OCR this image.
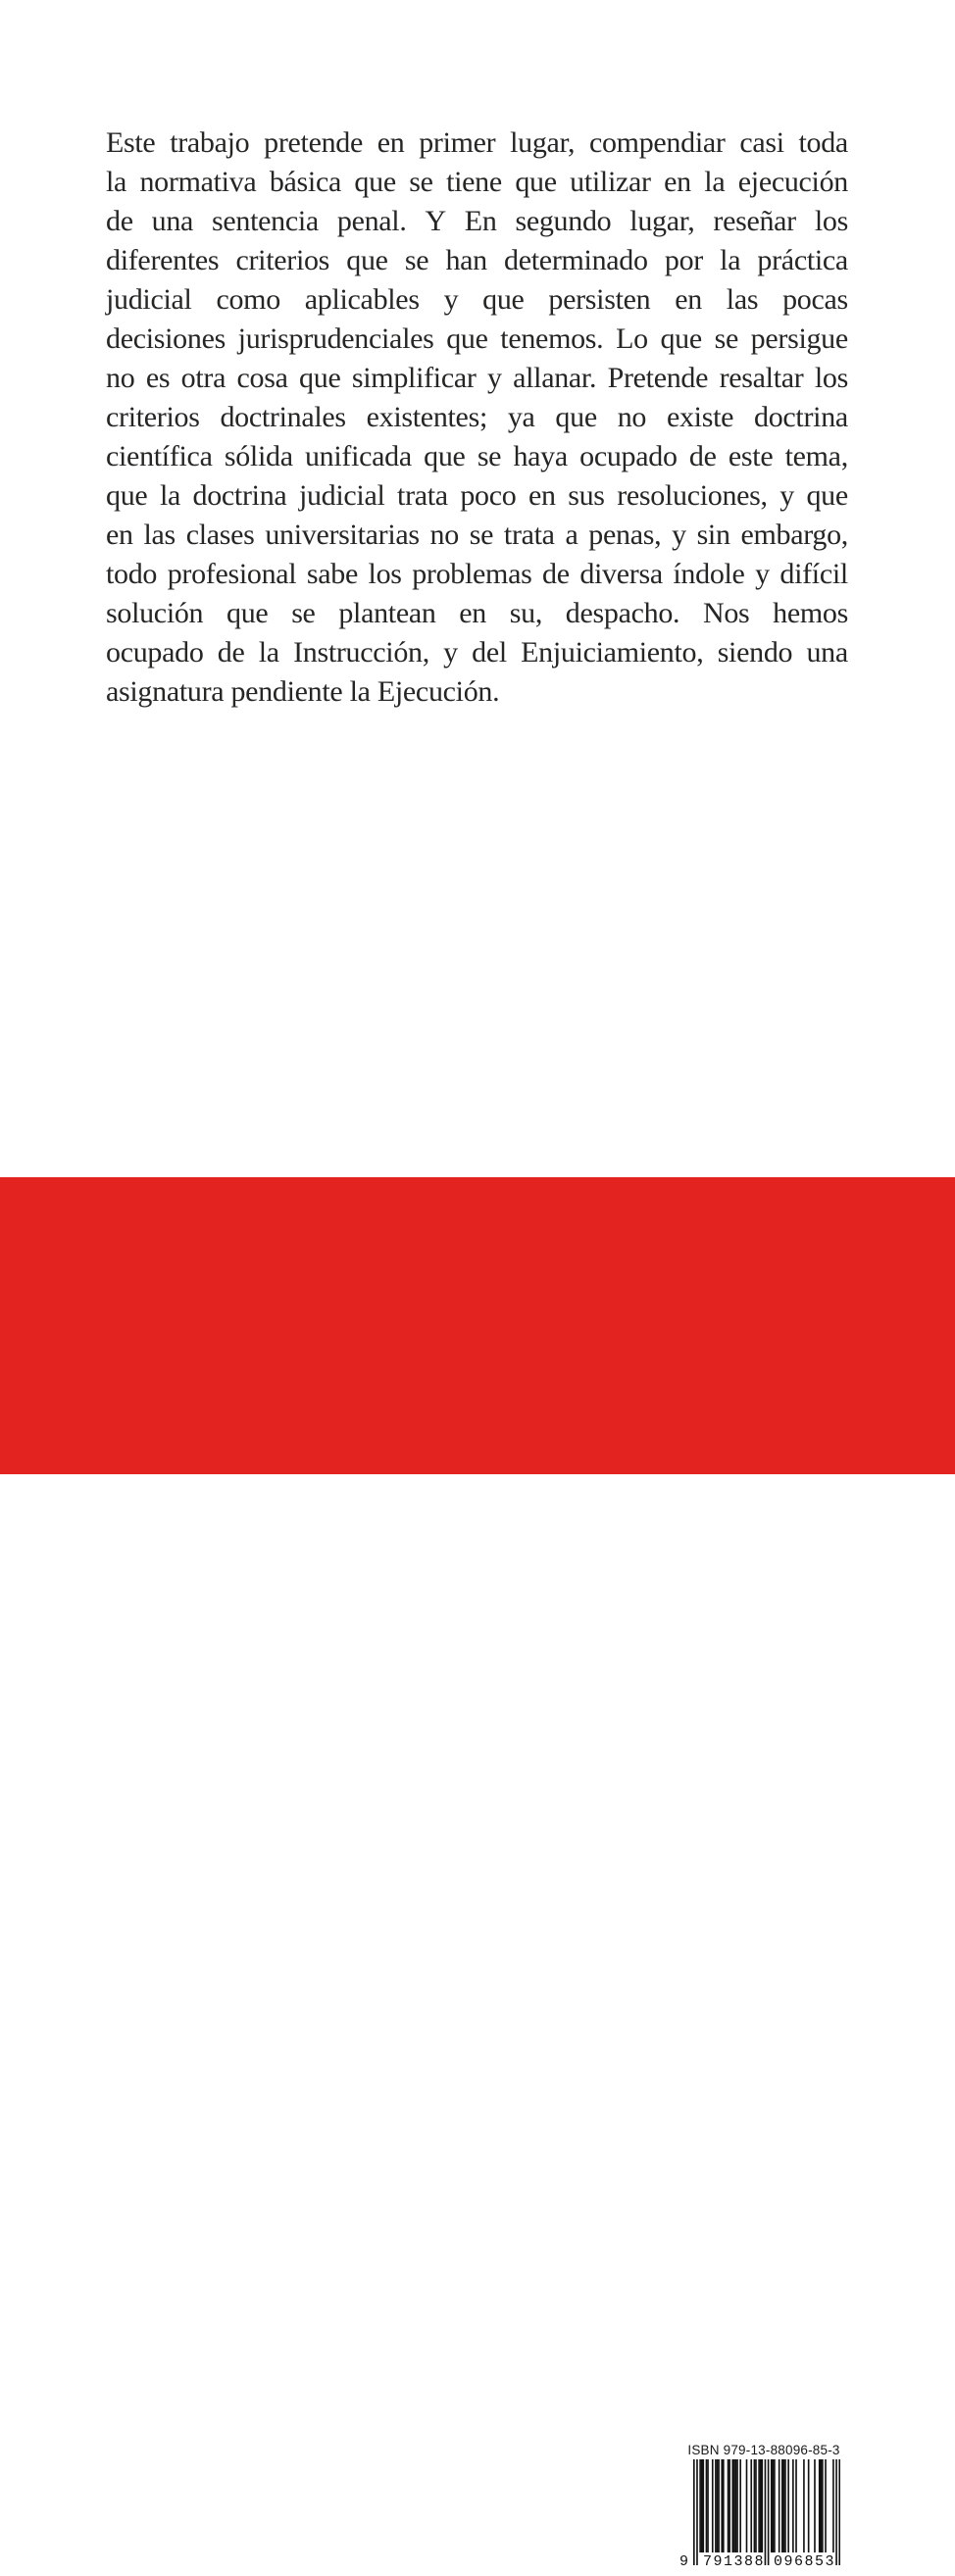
Este trabajo pretende en primer lugar, compendiar casi toda
la normativa básica que se tiene que utilizar en la ejecución
de una sentencia penal. Y En segundo lugar, reseñar los
diferentes criterios que se han determinado por la práctica
judicial como aplicables y que persisten en las pocas
decisiones jurisprudenciales que tenemos. Lo que se persigue
no es otra cosa que simplificar y allanar. Pretende resaltar los
criterios doctrinales existentes; ya que no existe doctrina
científica sólida unificada que se haya ocupado de este tema,
que la doctrina judicial trata poco en sus resoluciones, y que
en las clases universitarias no se trata a penas, y sin embargo,
todo profesional sabe los problemas de diversa índole y difícil
solución que se plantean en su, despacho. Nos hemos
ocupado de la Instrucción, y del Enjuiciamiento, siendo una
asignatura pendiente la Ejecución.
Atelier
LIBROS JURÍDICOS
ISBN 979-13-88096-85-3
9 791388 096853
